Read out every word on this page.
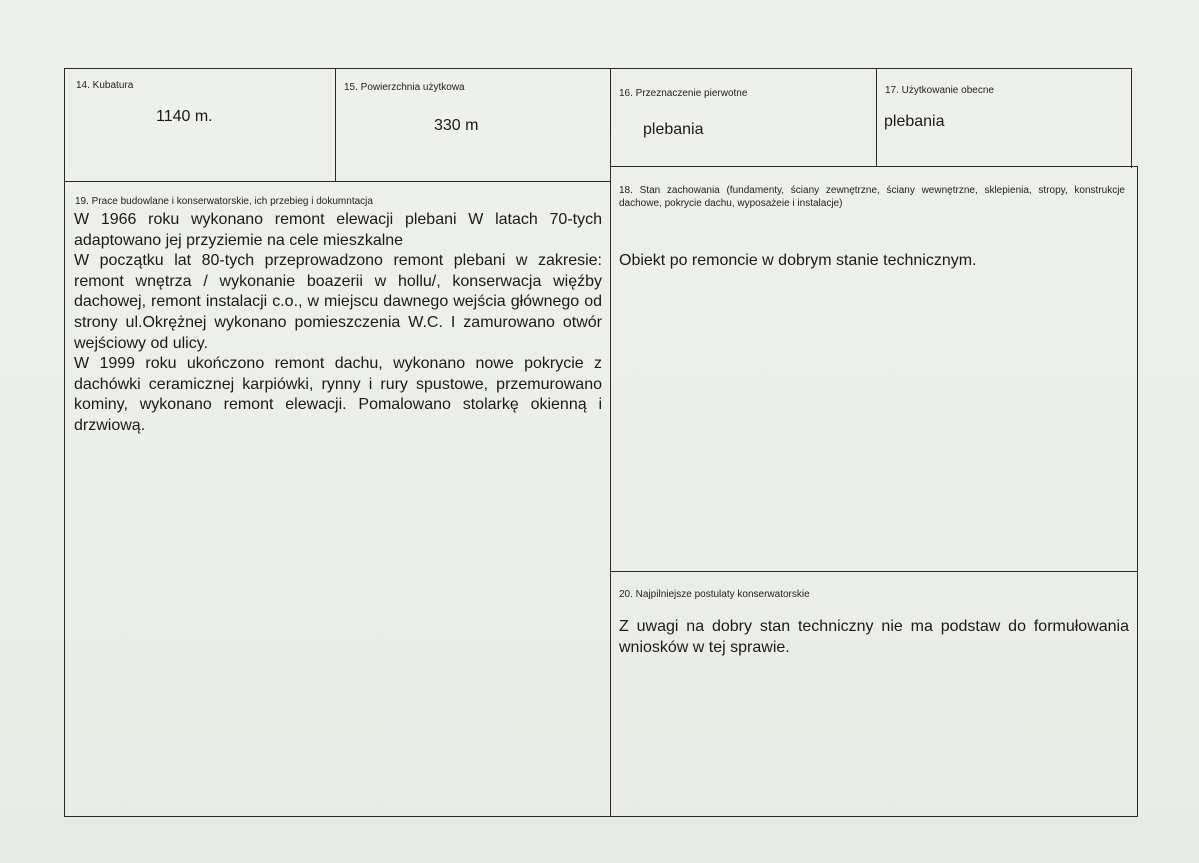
14. Kubatura
1140 m.
15. Powierzchnia użytkowa
330 m
16. Przeznaczenie pierwotne
plebania
17. Użytkowanie obecne
plebania
19. Prace budowlane i konserwatorskie, ich przebieg i dokumntacja

W 1966 roku wykonano remont elewacji plebani W latach 70-tych adaptowano jej przyziemie na cele mieszkalne

W początku lat 80-tych przeprowadzono remont plebani w zakresie: remont wnętrza / wykonanie boazerii w hollu/, konserwacja więźby dachowej, remont instalacji c.o., w miejscu dawnego wejścia głównego od strony ul.Okrężnej wykonano pomieszczenia W.C. I zamurowano otwór wejściowy od ulicy.

W 1999 roku ukończono remont dachu, wykonano nowe pokrycie z dachówki ceramicznej karpiówki, rynny i rury spustowe, przemurowano kominy, wykonano remont elewacji. Pomalowano stolarkę okienną i drzwiową.

18. Stan zachowania (fundamenty, ściany zewnętrzne, ściany wewnętrzne, sklepienia, stropy, konstrukcje dachowe, pokrycie dachu, wyposażeie i instalacje)
Obiekt po remoncie w dobrym stanie technicznym.
20. Najpilniejsze postulaty konserwatorskie
Z uwagi na dobry stan techniczny nie ma podstaw do formułowania wniosków w tej sprawie.
